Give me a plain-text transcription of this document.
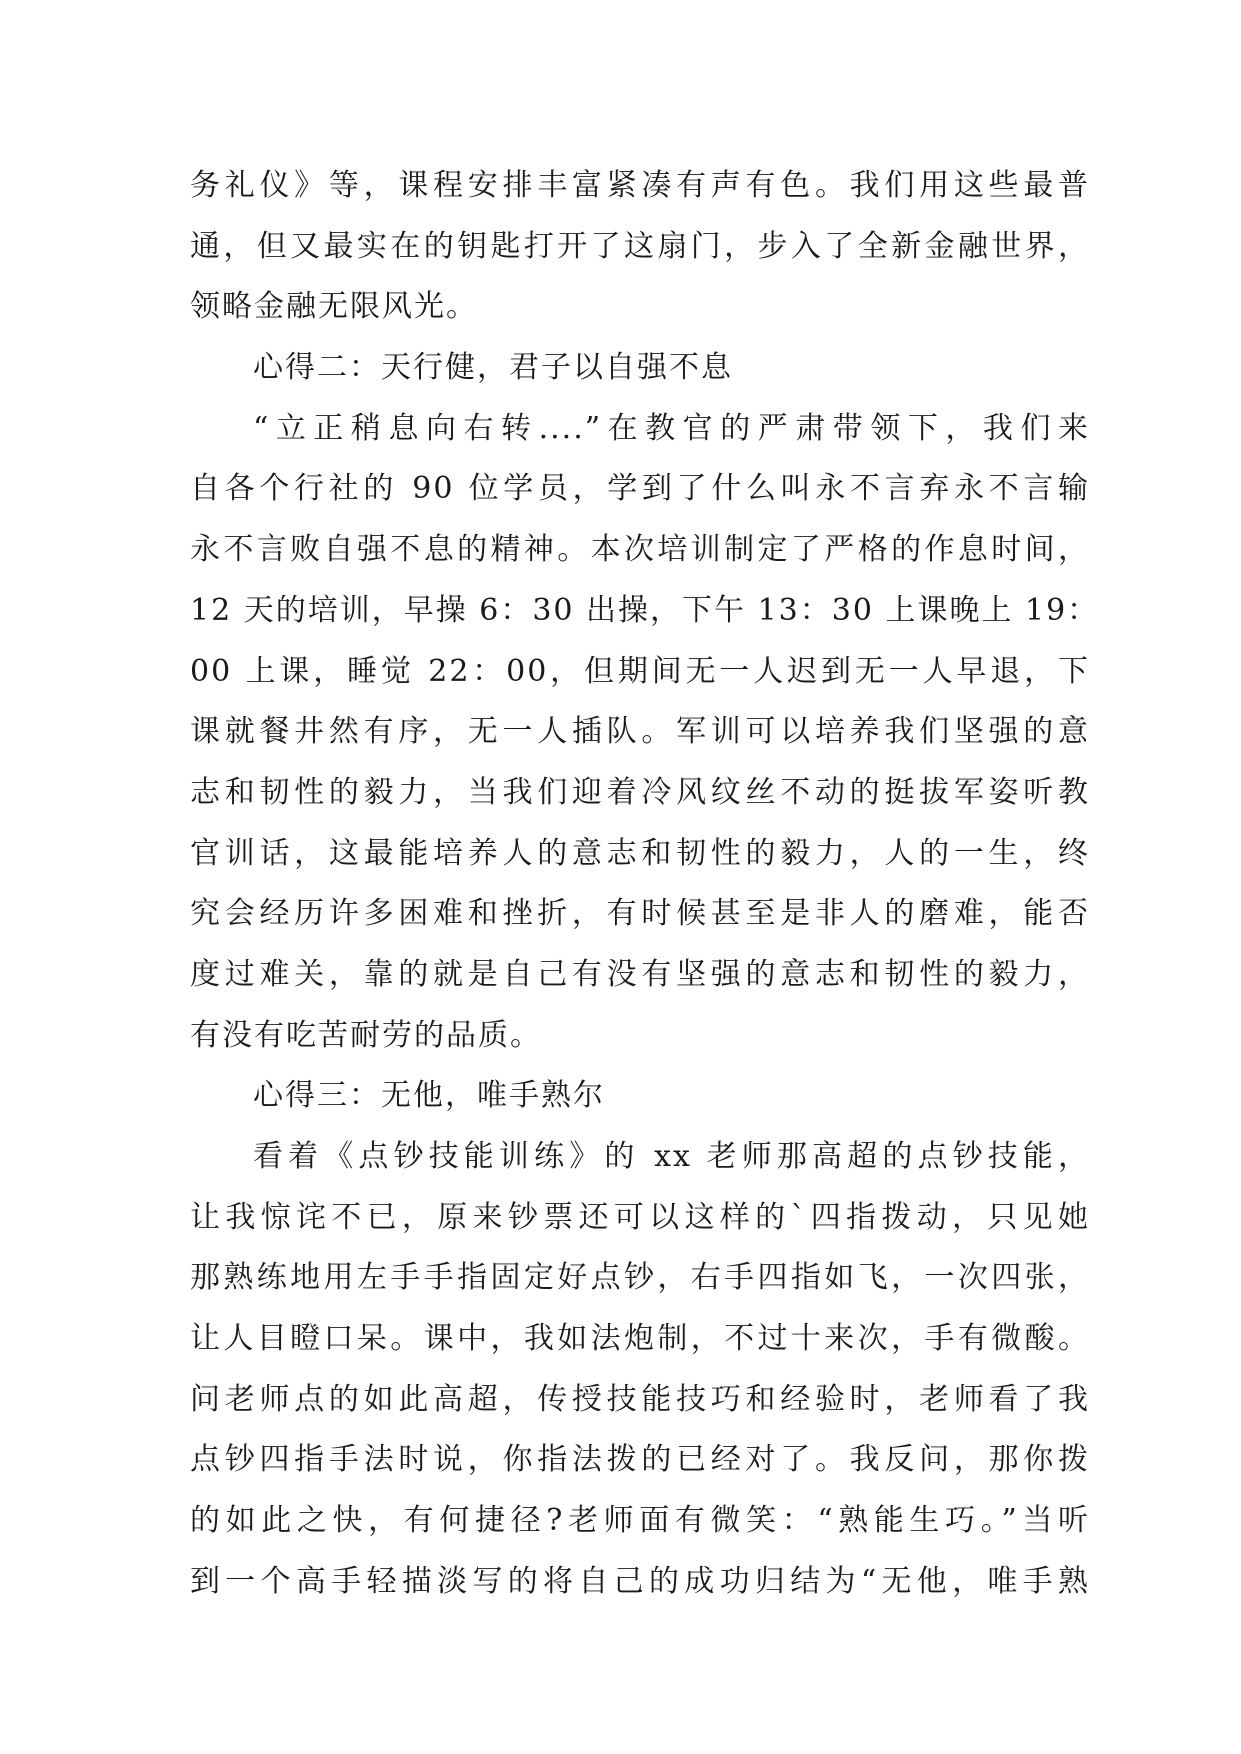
务礼仪》等，课程安排丰富紧凑有声有色。我们用这些最普
通，但又最实在的钥匙打开了这扇门，步入了全新金融世界，
领略金融无限风光。
心得二：天行健，君子以自强不息
“立正稍息向右转....”在教官的严肃带领下，我们来
自各个行社的 90 位学员，学到了什么叫永不言弃永不言输
永不言败自强不息的精神。本次培训制定了严格的作息时间，
12 天的培训，早操 6：30 出操，下午 13：30 上课晚上 19：
00 上课，睡觉 22：00，但期间无一人迟到无一人早退，下
课就餐井然有序，无一人插队。军训可以培养我们坚强的意
志和韧性的毅力，当我们迎着冷风纹丝不动的挺拔军姿听教
官训话，这最能培养人的意志和韧性的毅力，人的一生，终
究会经历许多困难和挫折，有时候甚至是非人的磨难，能否
度过难关，靠的就是自己有没有坚强的意志和韧性的毅力，
有没有吃苦耐劳的品质。
心得三：无他，唯手熟尔
看着《点钞技能训练》的 xx 老师那高超的点钞技能，
让我惊诧不已，原来钞票还可以这样的`四指拨动，只见她
那熟练地用左手手指固定好点钞，右手四指如飞，一次四张，
让人目瞪口呆。课中，我如法炮制，不过十来次，手有微酸。
问老师点的如此高超，传授技能技巧和经验时，老师看了我
点钞四指手法时说，你指法拨的已经对了。我反问，那你拨
的如此之快，有何捷径?老师面有微笑：“熟能生巧。”当听
到一个高手轻描淡写的将自己的成功归结为“无他，唯手熟
